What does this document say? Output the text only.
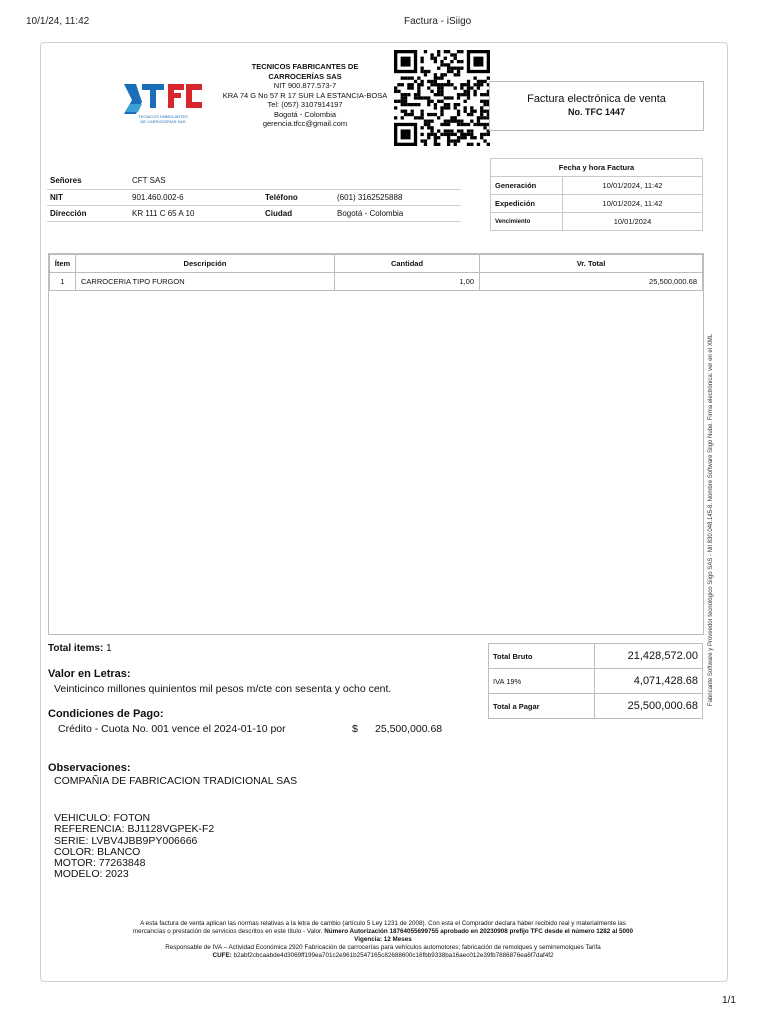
10/1/24, 11:42	Factura - iSiigo
TECNICOS FABRICANTES
DE CARROCERIAS SAS
TECNICOS FABRICANTES DE
CARROCERÍAS SAS
NIT 900.877.573-7
KRA 74 G No 57 R 17 SUR LA ESTANCIA-BOSA
Tel: (057) 3107914197
Bogotá - Colombia
gerencia.tfcc@gmail.com
Factura electrónica de venta
No. TFC 1447
Señores	CFT SAS		
NIT	901.460.002-6	Teléfono	(601) 3162525888
Dirección	KR 111 C 65 A 10	Ciudad	Bogotá - Colombia
Fecha y hora Factura	
Generación	10/01/2024, 11:42
Expedición	10/01/2024, 11:42
Vencimiento	10/01/2024
Ítem	Descripción	Cantidad	Vr. Total
1	CARROCERIA TIPO FURGON	1,00	25,500,000.68
Fabricante Software y Proveedor tecnológico Siigo SAS - Nit 830.048.145-8. Nombre Software Siigo Nube. Firma electrónica: ver en el XML
Total items: 1
Valor en Letras:
Veinticinco millones quinientos mil pesos m/cte con sesenta y ocho cent.
Condiciones de Pago:
Crédito - Cuota No. 001 vence el 2024-01-10 por	$ 25,500,000.68
Total Bruto	21,428,572.00
IVA 19%	4,071,428.68
Total a Pagar	25,500,000.68
Observaciones:
COMPAÑIA DE FABRICACION TRADICIONAL SAS
VEHICULO: FOTON
REFERENCIA: BJ1128VGPEK-F2
SERIE: LVBV4JBB9PY006666
COLOR: BLANCO
MOTOR: 77263848
MODELO: 2023
A esta factura de venta aplican las normas relativas a la letra de cambio (artículo 5 Ley 1231 de 2008). Con esta el Comprador declara haber recibido real y materialmente las
mercancías o prestación de servicios descritos en este título - Valor. Número Autorización 18764055699755 aprobado en 20230908 prefijo TFC desde el número 1282 al 5000
Vigencia: 12 Meses
Responsable de IVA – Actividad Económica 2920 Fabricación de carrocerías para vehículos automotores; fabricación de remolques y semirremolques Tarifa
CUFE: b2abf2cbcaabde4d3069ff199ea701c2e961b2547165c82688600c16fbb9338ba16aec012e39fb7886876ea6f7daf4f2
1/1
